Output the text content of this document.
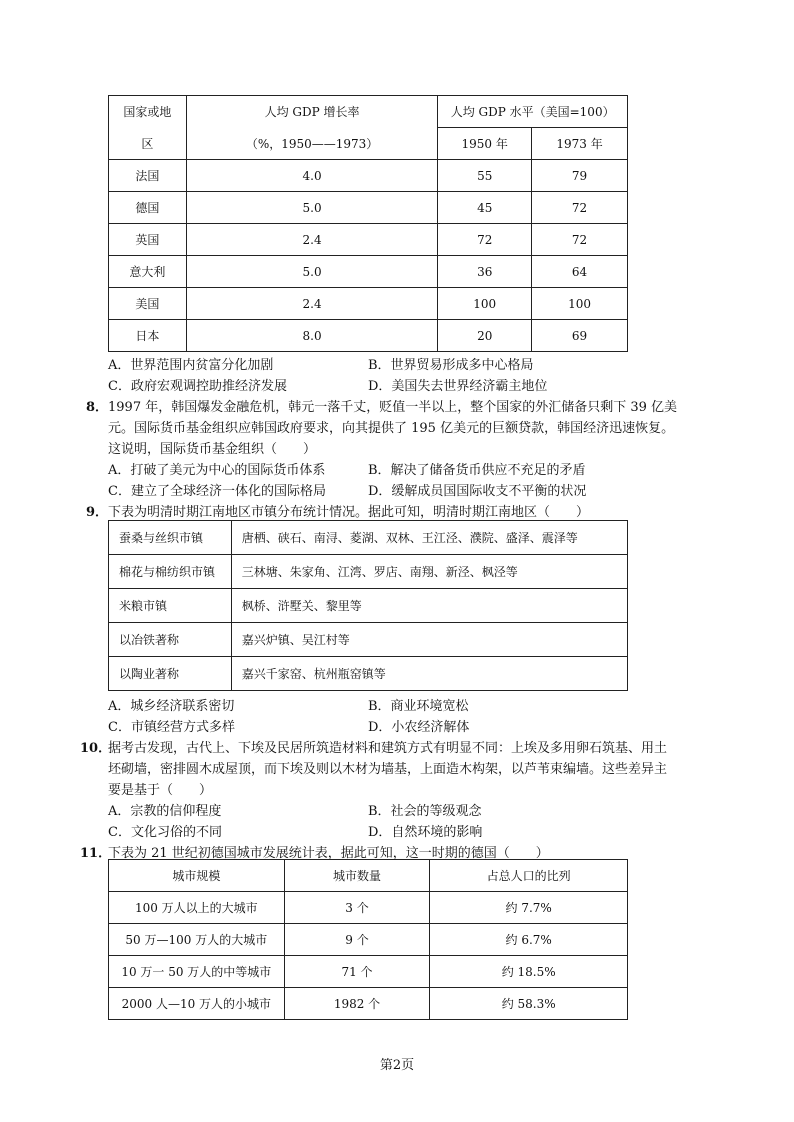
国家或地	人均 GDP 增长率	人均 GDP 水平（美国=100）	
区	（%，1950——1973）	1950 年	1973 年
法国	4.0	55	79
德国	5.0	45	72
英国	2.4	72	72
意大利	5.0	36	64
美国	2.4	100	100
日本	8.0	20	69
A．世界范围内贫富分化加剧	B．世界贸易形成多中心格局
C．政府宏观调控助推经济发展	D．美国失去世界经济霸主地位
8． 1997 年，韩国爆发金融危机，韩元一落千丈，贬值一半以上，整个国家的外汇储备只剩下 39 亿美
元。国际货币基金组织应韩国政府要求，向其提供了 195 亿美元的巨额贷款，韩国经济迅速恢复。
这说明，国际货币基金组织（　　）
A．打破了美元为中心的国际货币体系	B．解决了储备货币供应不充足的矛盾
C．建立了全球经济一体化的国际格局	D．缓解成员国国际收支不平衡的状况
9． 下表为明清时期江南地区市镇分布统计情况。据此可知，明清时期江南地区（　　）
蚕桑与丝织市镇	唐栖、硖石、南浔、菱湖、双林、王江泾、濮院、盛泽、震泽等
棉花与棉纺织市镇	三林塘、朱家角、江湾、罗店、南翔、新泾、枫泾等
米粮市镇	枫桥、浒墅关、黎里等
以冶铁著称	嘉兴炉镇、吴江村等
以陶业著称	嘉兴千家窑、杭州瓶窑镇等
A．城乡经济联系密切	B．商业环境宽松
C．市镇经营方式多样	D．小农经济解体
10．
据考古发现，古代上、下埃及民居所筑造材料和建筑方式有明显不同：上埃及多用卵石筑基、用土
坯砌墙，密排圆木成屋顶，而下埃及则以木材为墙基，上面造木构架，以芦苇束编墙。这些差异主
要是基于（　　）
A．宗教的信仰程度	B．社会的等级观念
C．文化习俗的不同	D．自然环境的影响
11．
下表为 21 世纪初德国城市发展统计表，据此可知，这一时期的德国（　　）
城市规模	城市数量	占总人口的比列
100 万人以上的大城市	3 个	约 7.7%
50 万—100 万人的大城市	9 个	约 6.7%
10 万一 50 万人的中等城市	71 个	约 18.5%
2000 人—10 万人的小城市	1982 个	约 58.3%
第2页
